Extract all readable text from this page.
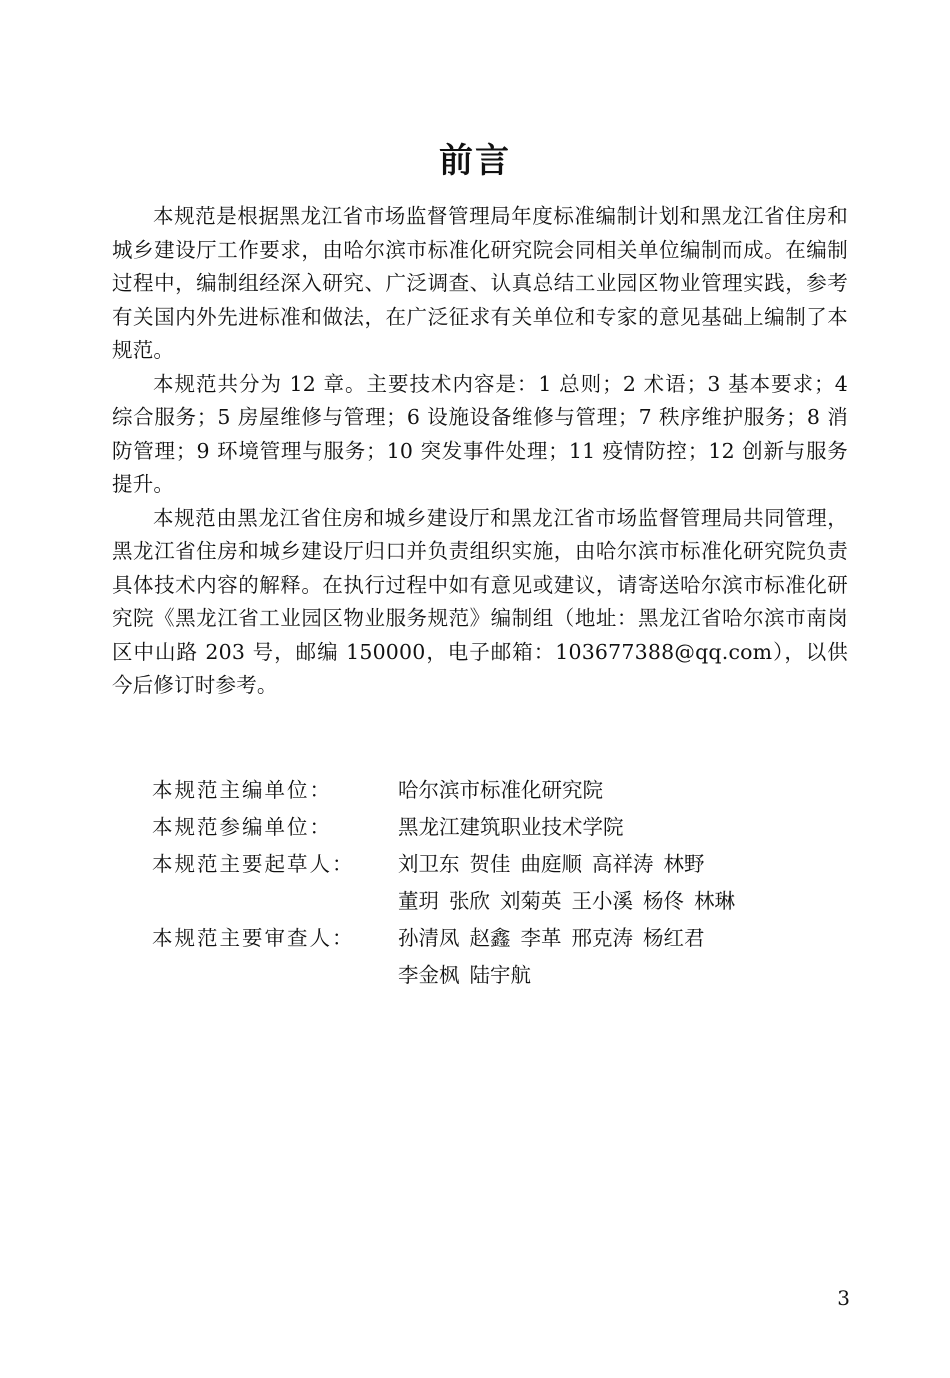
前言

本规范是根据黑龙江省市场监督管理局年度标准编制计划和黑龙江省住房和城乡建设厅工作要求，由哈尔滨市标准化研究院会同相关单位编制而成。在编制过程中，编制组经深入研究、广泛调查、认真总结工业园区物业管理实践，参考有关国内外先进标准和做法，在广泛征求有关单位和专家的意见基础上编制了本规范。

本规范共分为 12 章。主要技术内容是：1 总则；2 术语；3 基本要求；4 综合服务；5 房屋维修与管理；6 设施设备维修与管理；7 秩序维护服务；8 消防管理；9 环境管理与服务；10 突发事件处理；11 疫情防控；12 创新与服务提升。

本规范由黑龙江省住房和城乡建设厅和黑龙江省市场监督管理局共同管理，黑龙江省住房和城乡建设厅归口并负责组织实施，由哈尔滨市标准化研究院负责具体技术内容的解释。在执行过程中如有意见或建议，请寄送哈尔滨市标准化研究院《黑龙江省工业园区物业服务规范》编制组（地址：黑龙江省哈尔滨市南岗区中山路 203 号，邮编 150000，电子邮箱：103677388@qq.com），以供今后修订时参考。

本规范主编单位：	哈尔滨市标准化研究院
本规范参编单位：	黑龙江建筑职业技术学院
本规范主要起草人：	刘卫东 贺佳 曲庭顺 高祥涛 林野
董玥 张欣 刘菊英 王小溪 杨佟 林琳
本规范主要审查人：	孙清凤 赵鑫 李革 邢克涛 杨红君
李金枫 陆宇航
3
